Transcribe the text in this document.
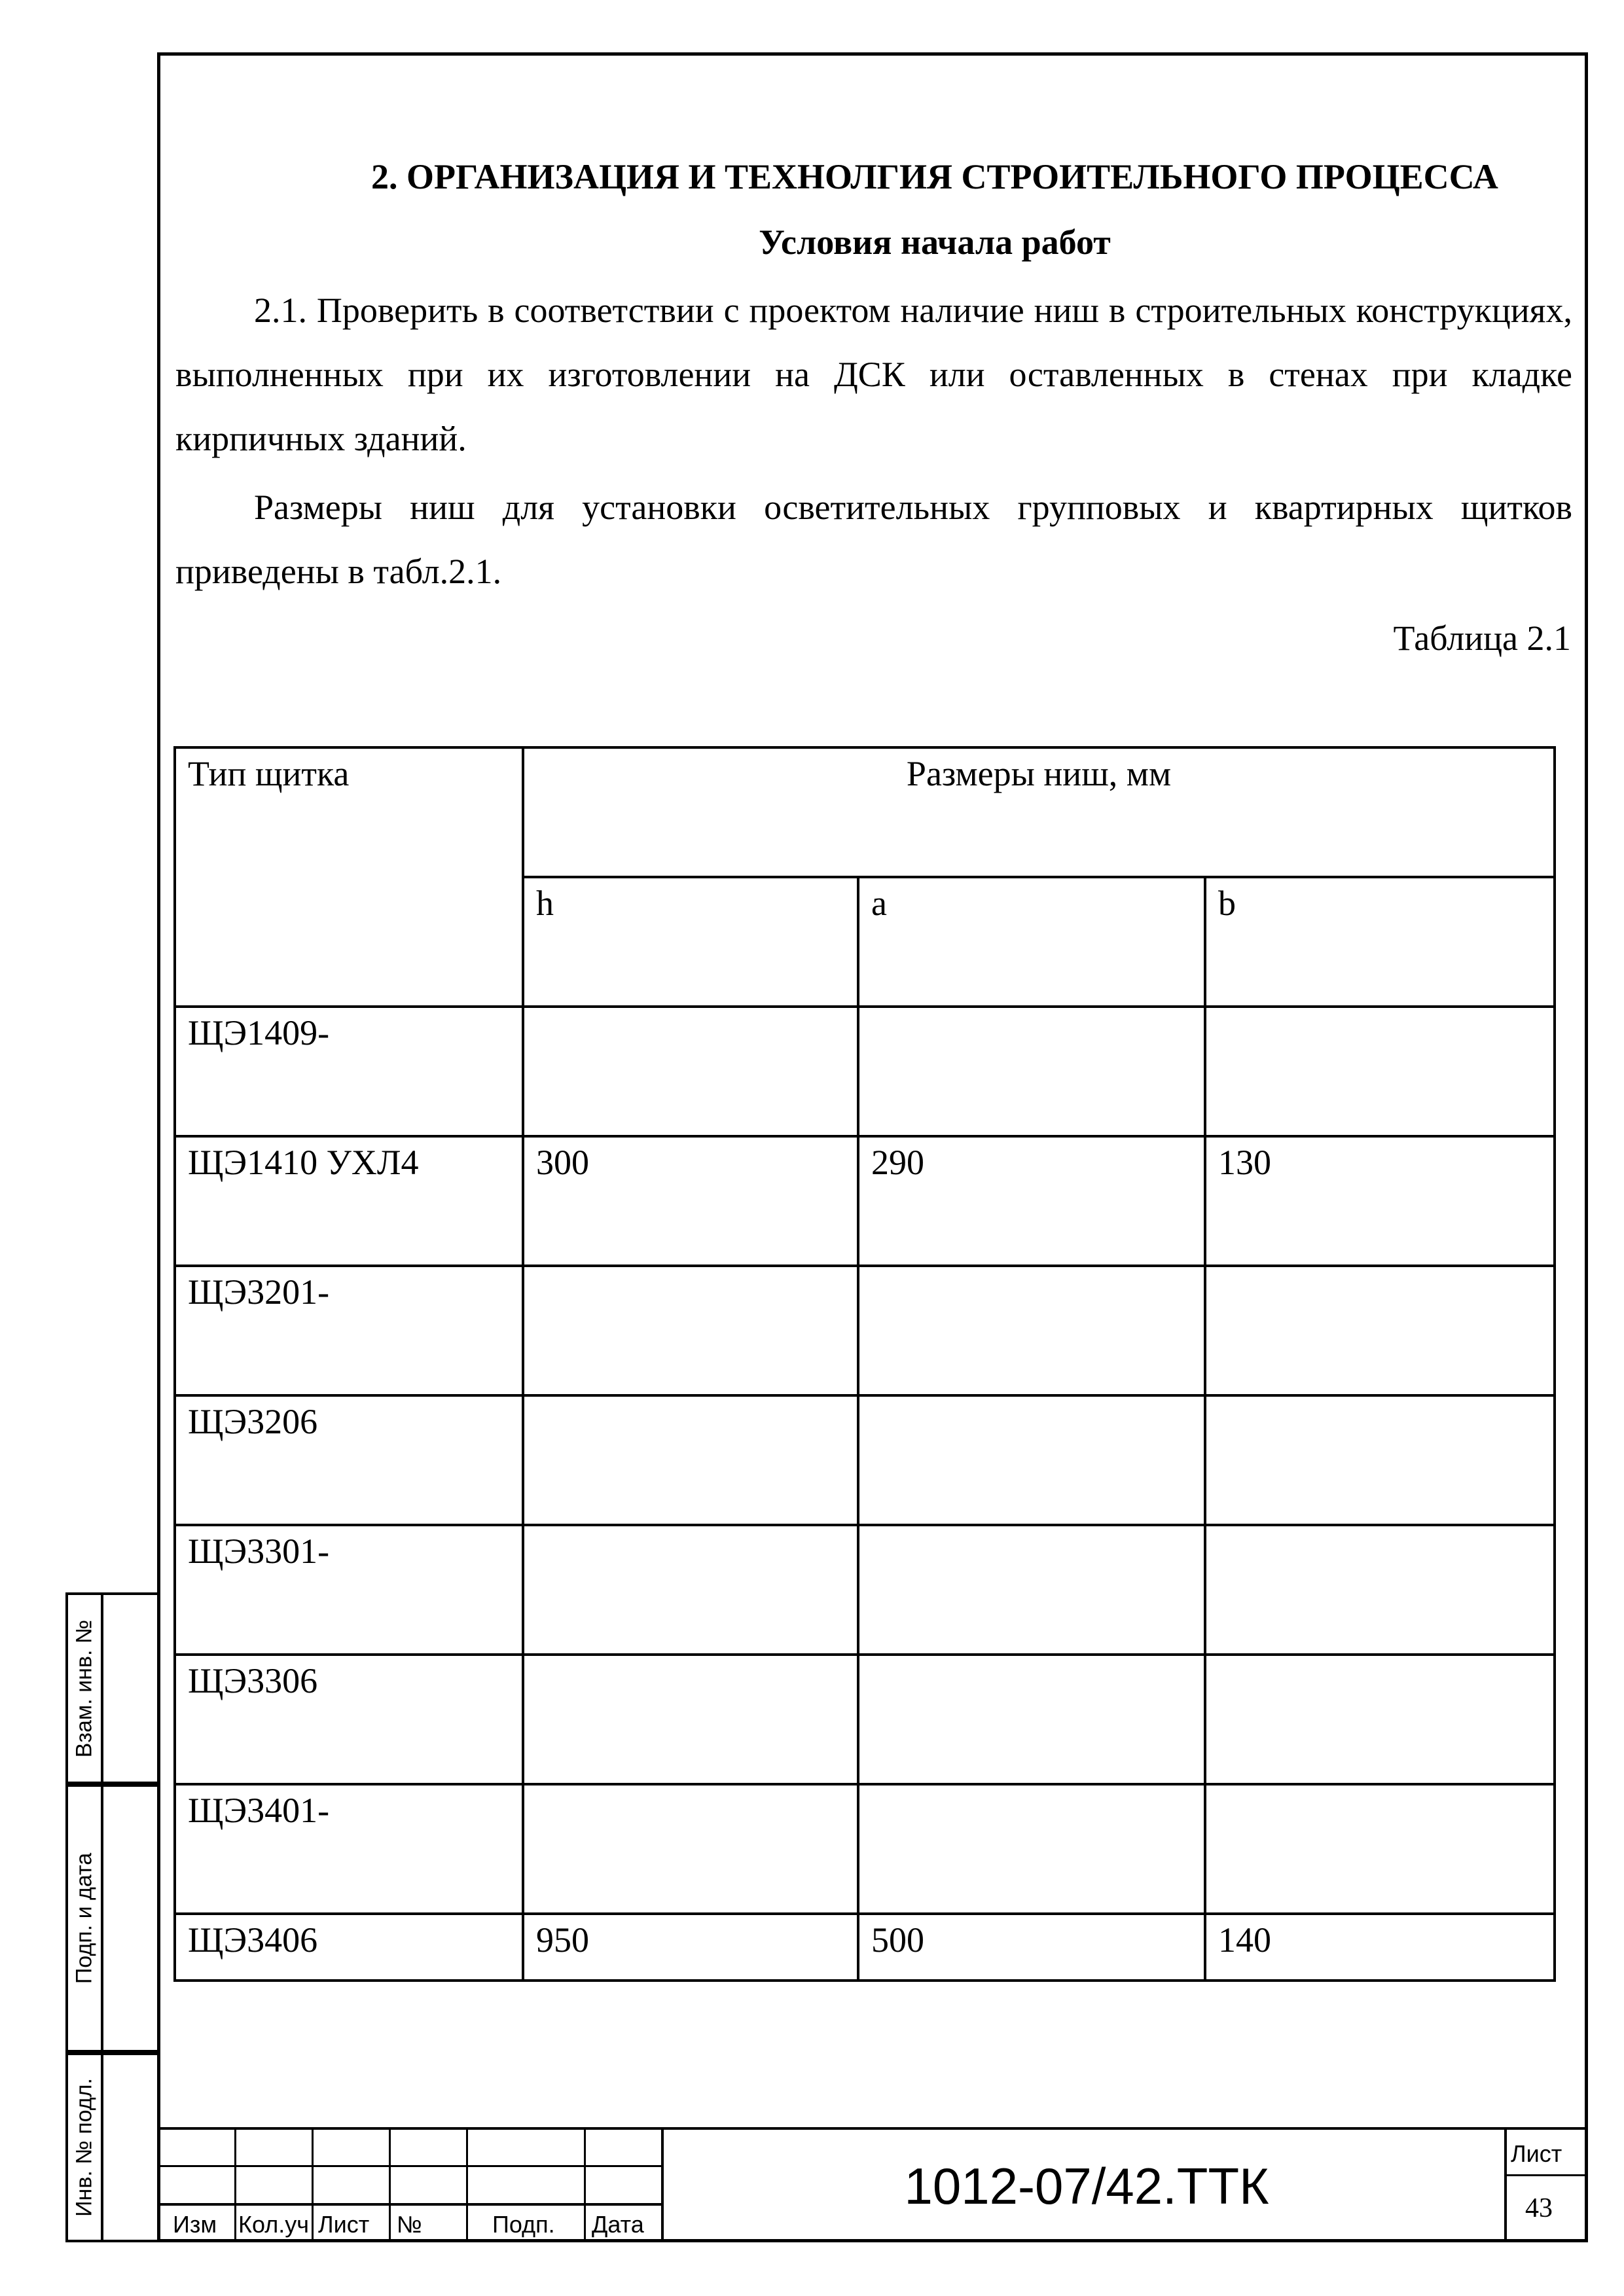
2. ОРГАНИЗАЦИЯ И ТЕХНОЛГИЯ СТРОИТЕЛЬНОГО ПРОЦЕССА
Условия начала работ
2.1. Проверить в соответствии с проектом наличие ниш в строительных конструкциях, выполненных при их изготовлении на ДСК или оставленных в стенах при кладке кирпичных зданий.
Размеры ниш для установки осветительных групповых и квартирных щитков приведены в табл.2.1.
Таблица 2.1
Тип щитка	Размеры ниш, мм		
	h	a	b
ЩЭ1409-			
ЩЭ1410 УХЛ4	300	290	130
ЩЭ3201-			
ЩЭ3206			
ЩЭ3301-			
ЩЭ3306			
ЩЭ3401-			
ЩЭ3406	950	500	140
Взам. инв. №
Подп. и дата
Инв. № подл.
Изм Кол.уч Лист №	Подп. Дата
1012-07/42.ТТК
Лист
43
